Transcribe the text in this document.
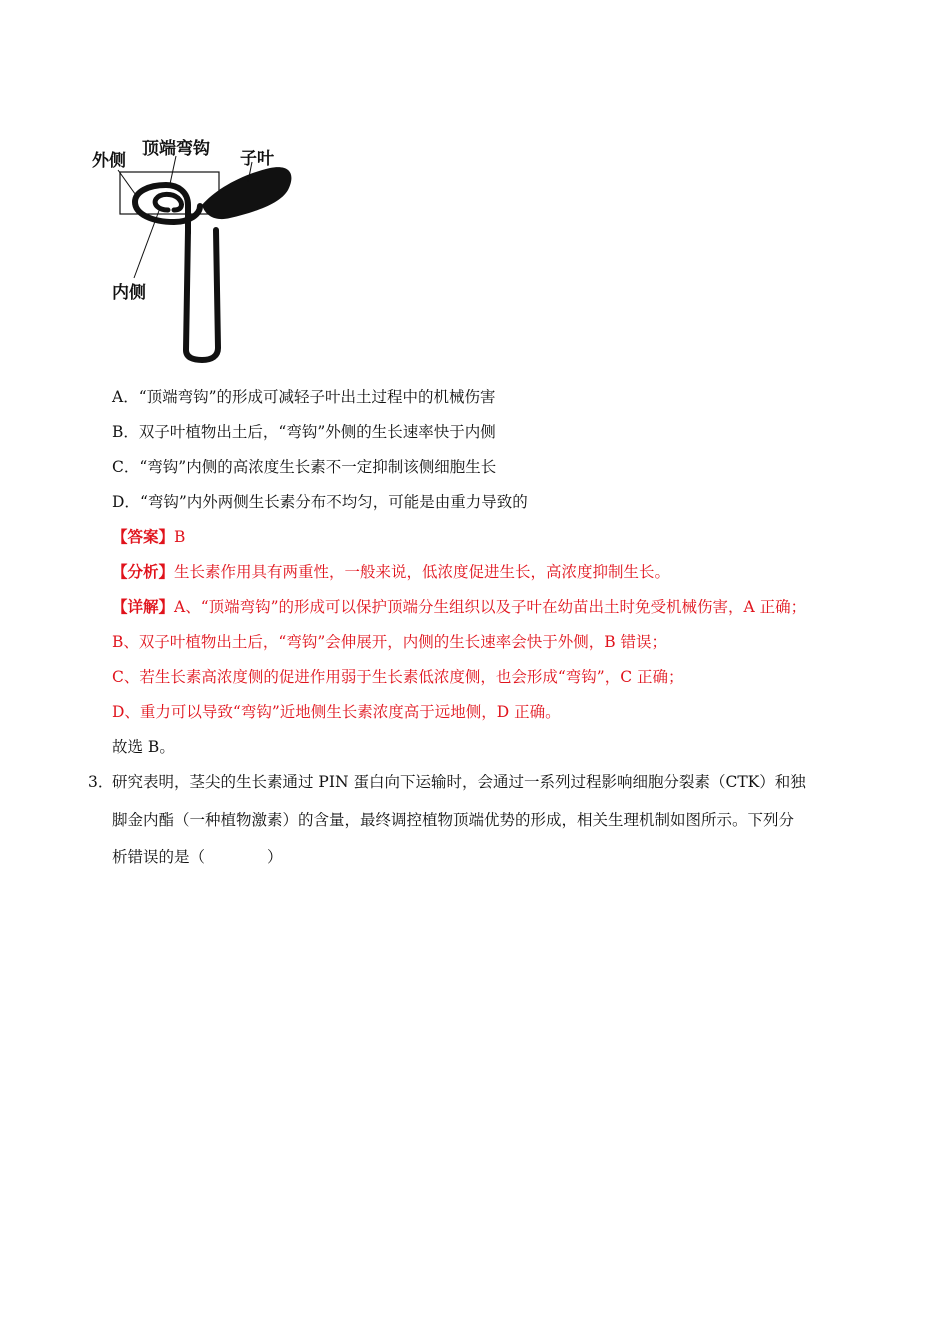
外侧
顶端弯钩 子叶
内侧
A．“顶端弯钩”的形成可减轻子叶出土过程中的机械伤害
B．双子叶植物出土后，“弯钩”外侧的生长速率快于内侧
C．“弯钩”内侧的高浓度生长素不一定抑制该侧细胞生长
D．“弯钩”内外两侧生长素分布不均匀，可能是由重力导致的
【答案】B
【分析】生长素作用具有两重性，一般来说，低浓度促进生长，高浓度抑制生长。
【详解】A、“顶端弯钩”的形成可以保护顶端分生组织以及子叶在幼苗出土时免受机械伤害，A 正确；
B、双子叶植物出土后，“弯钩”会伸展开，内侧的生长速率会快于外侧，B 错误；
C、若生长素高浓度侧的促进作用弱于生长素低浓度侧，也会形成“弯钩”，C 正确；
D、重力可以导致“弯钩”近地侧生长素浓度高于远地侧，D 正确。
故选 B。
3．
研究表明，茎尖的生长素通过 PIN 蛋白向下运输时，会通过一系列过程影响细胞分裂素（CTK）和独
脚金内酯（一种植物激素）的含量，最终调控植物顶端优势的形成，相关生理机制如图所示。下列分
析错误的是（　　　　）
